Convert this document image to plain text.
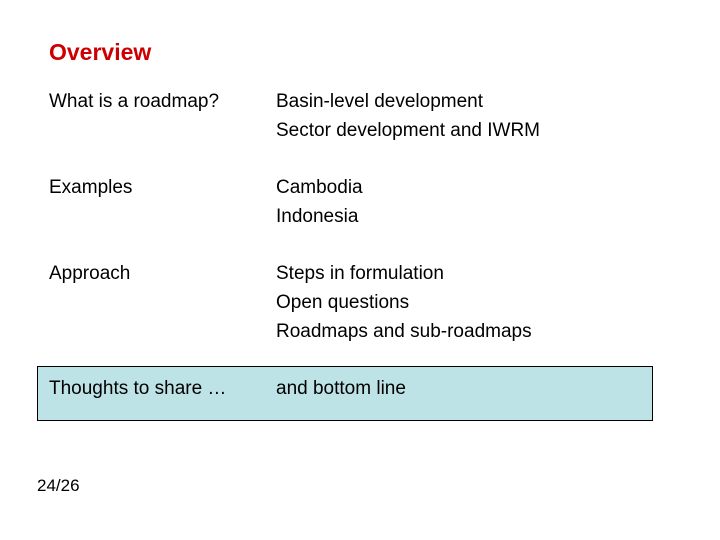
Overview
What is a roadmap?	Basin-level development
Sector development and IWRM
Examples	Cambodia
Indonesia
Approach	Steps in formulation
Open questions
Roadmaps and sub-roadmaps
Thoughts to share …	and bottom line
24/26
